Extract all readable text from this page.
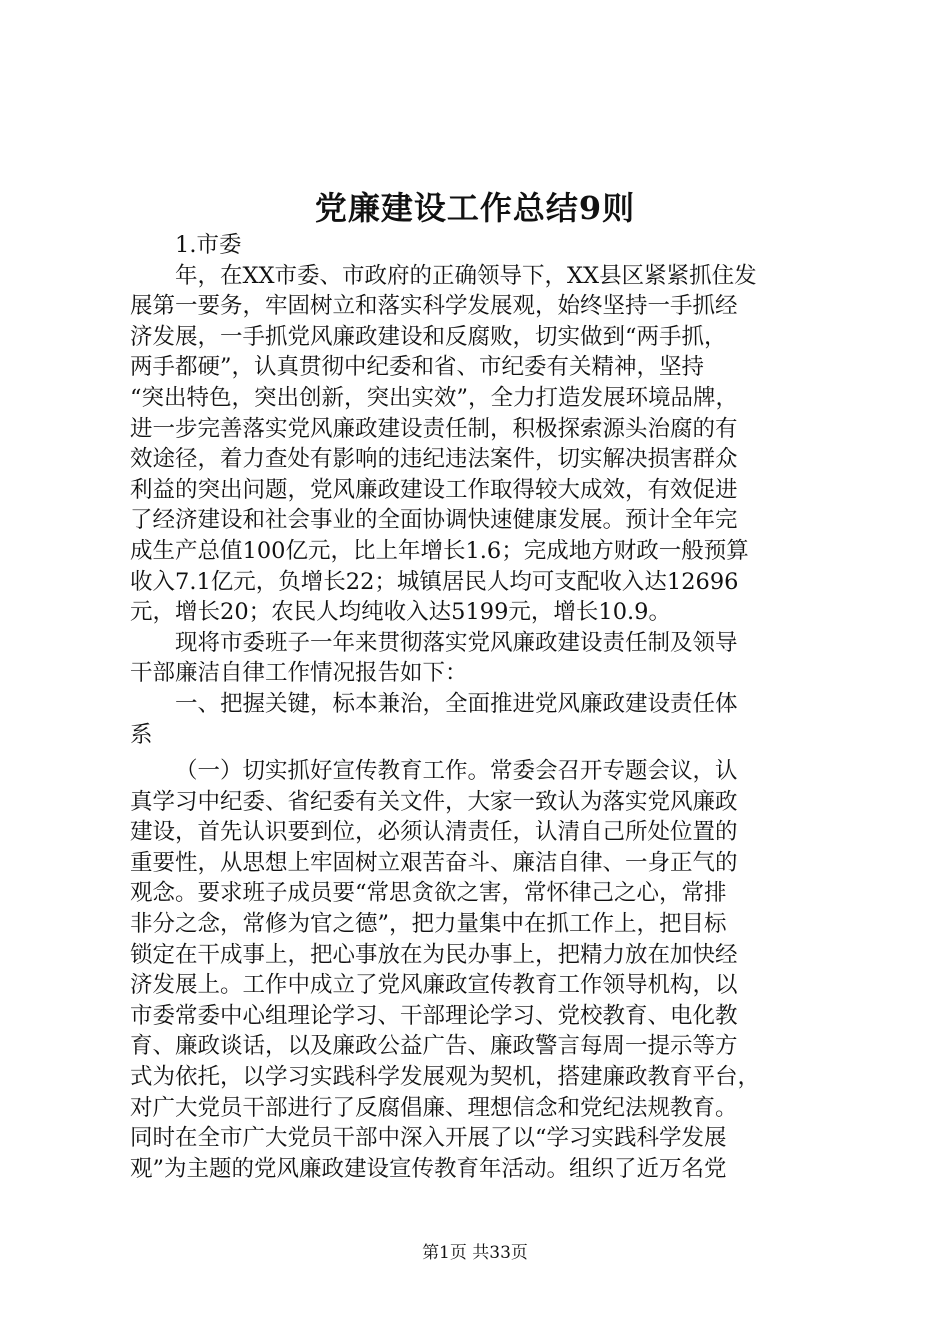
党廉建设工作总结9则
1.市委
年，在XX市委、市政府的正确领导下，XX县区紧紧抓住发
展第一要务，牢固树立和落实科学发展观，始终坚持一手抓经
济发展，一手抓党风廉政建设和反腐败，切实做到“两手抓，
两手都硬”，认真贯彻中纪委和省、市纪委有关精神，坚持
“突出特色，突出创新，突出实效”，全力打造发展环境品牌，
进一步完善落实党风廉政建设责任制，积极探索源头治腐的有
效途径，着力查处有影响的违纪违法案件，切实解决损害群众
利益的突出问题，党风廉政建设工作取得较大成效，有效促进
了经济建设和社会事业的全面协调快速健康发展。预计全年完
成生产总值100亿元，比上年增长1.6；完成地方财政一般预算
收入7.1亿元，负增长22；城镇居民人均可支配收入达12696
元，增长20；农民人均纯收入达5199元，增长10.9。
现将市委班子一年来贯彻落实党风廉政建设责任制及领导
干部廉洁自律工作情况报告如下：
一、把握关键，标本兼治，全面推进党风廉政建设责任体
系
（一）切实抓好宣传教育工作。常委会召开专题会议，认
真学习中纪委、省纪委有关文件，大家一致认为落实党风廉政
建设，首先认识要到位，必须认清责任，认清自己所处位置的
重要性，从思想上牢固树立艰苦奋斗、廉洁自律、一身正气的
观念。要求班子成员要“常思贪欲之害，常怀律己之心，常排
非分之念，常修为官之德”，把力量集中在抓工作上，把目标
锁定在干成事上，把心事放在为民办事上，把精力放在加快经
济发展上。工作中成立了党风廉政宣传教育工作领导机构，以
市委常委中心组理论学习、干部理论学习、党校教育、电化教
育、廉政谈话，以及廉政公益广告、廉政警言每周一提示等方
式为依托，以学习实践科学发展观为契机，搭建廉政教育平台，
对广大党员干部进行了反腐倡廉、理想信念和党纪法规教育。
同时在全市广大党员干部中深入开展了以“学习实践科学发展
观”为主题的党风廉政建设宣传教育年活动。组织了近万名党
第1页 共33页
